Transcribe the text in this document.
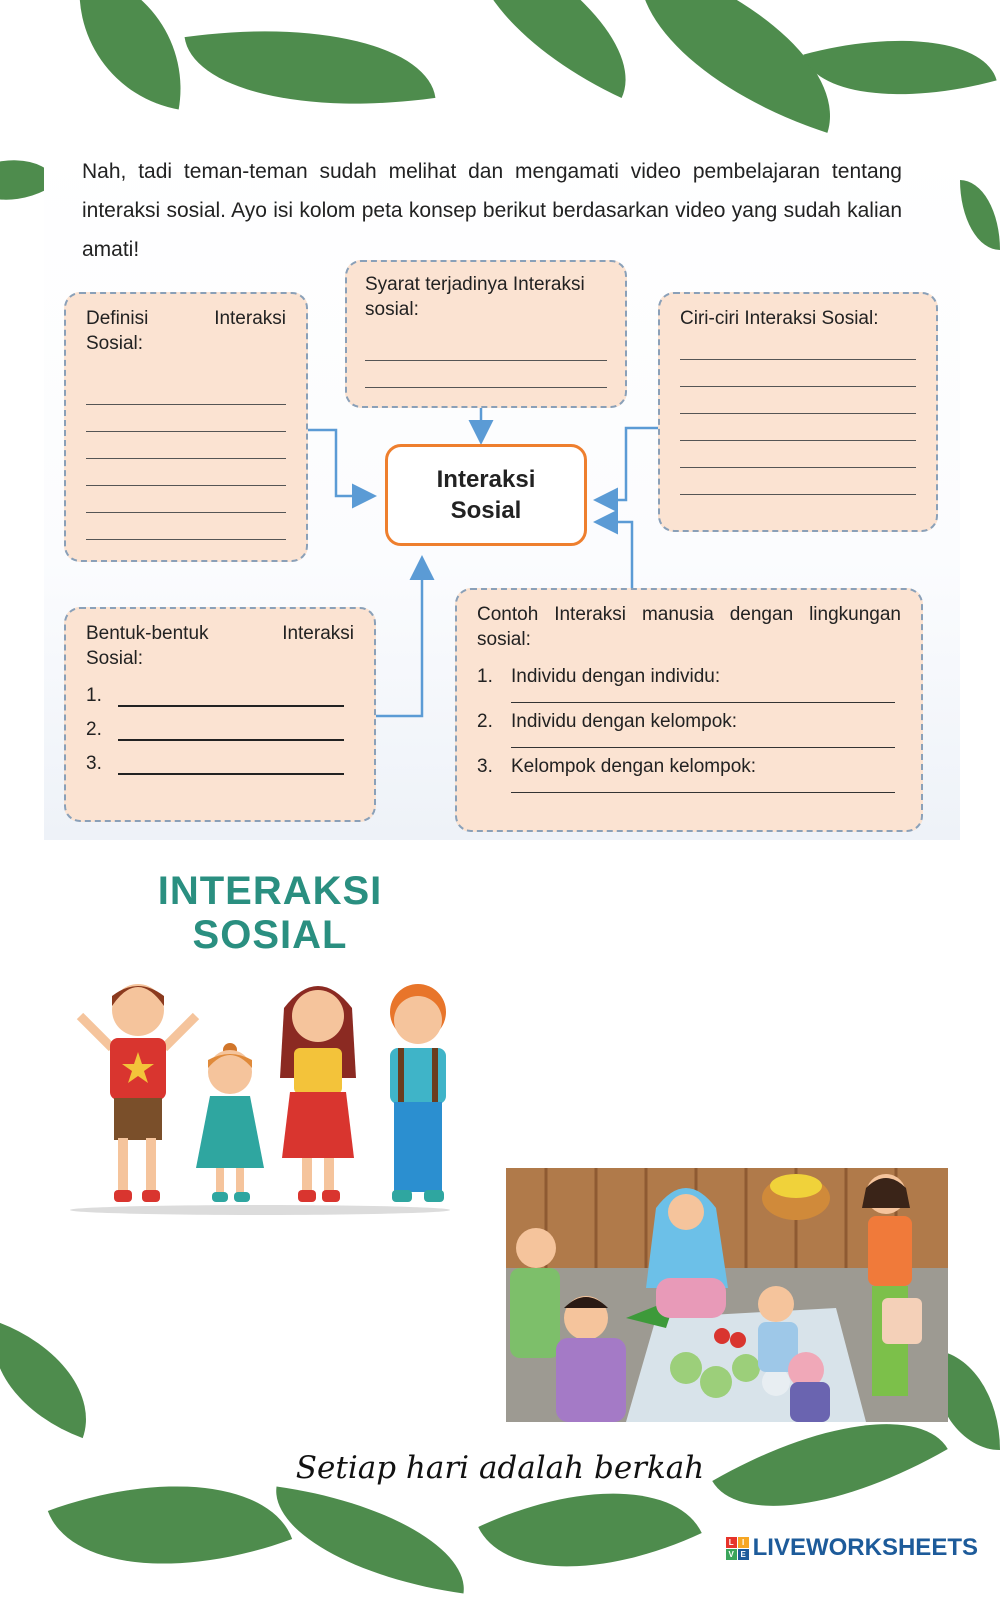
Nah, tadi teman-teman sudah melihat dan mengamati video pembelajaran tentang interaksi sosial. Ayo isi kolom peta konsep berikut berdasarkan video yang sudah kalian amati!
Definisi	Interaksi
Sosial:
Syarat terjadinya Interaksi sosial:	Ciri-ciri Interaksi Sosial:
Interaksi
Sosial
Bentuk-bentuk	Interaksi
Sosial:
1.
2.
3.
Contoh Interaksi manusia dengan lingkungan sosial:
1. Individu dengan individu:
2. Individu dengan kelompok:
3. Kelompok dengan kelompok:
INTERAKSI
SOSIAL
Setiap hari adalah berkah
L	I
V E LIVEWORKSHEETS
